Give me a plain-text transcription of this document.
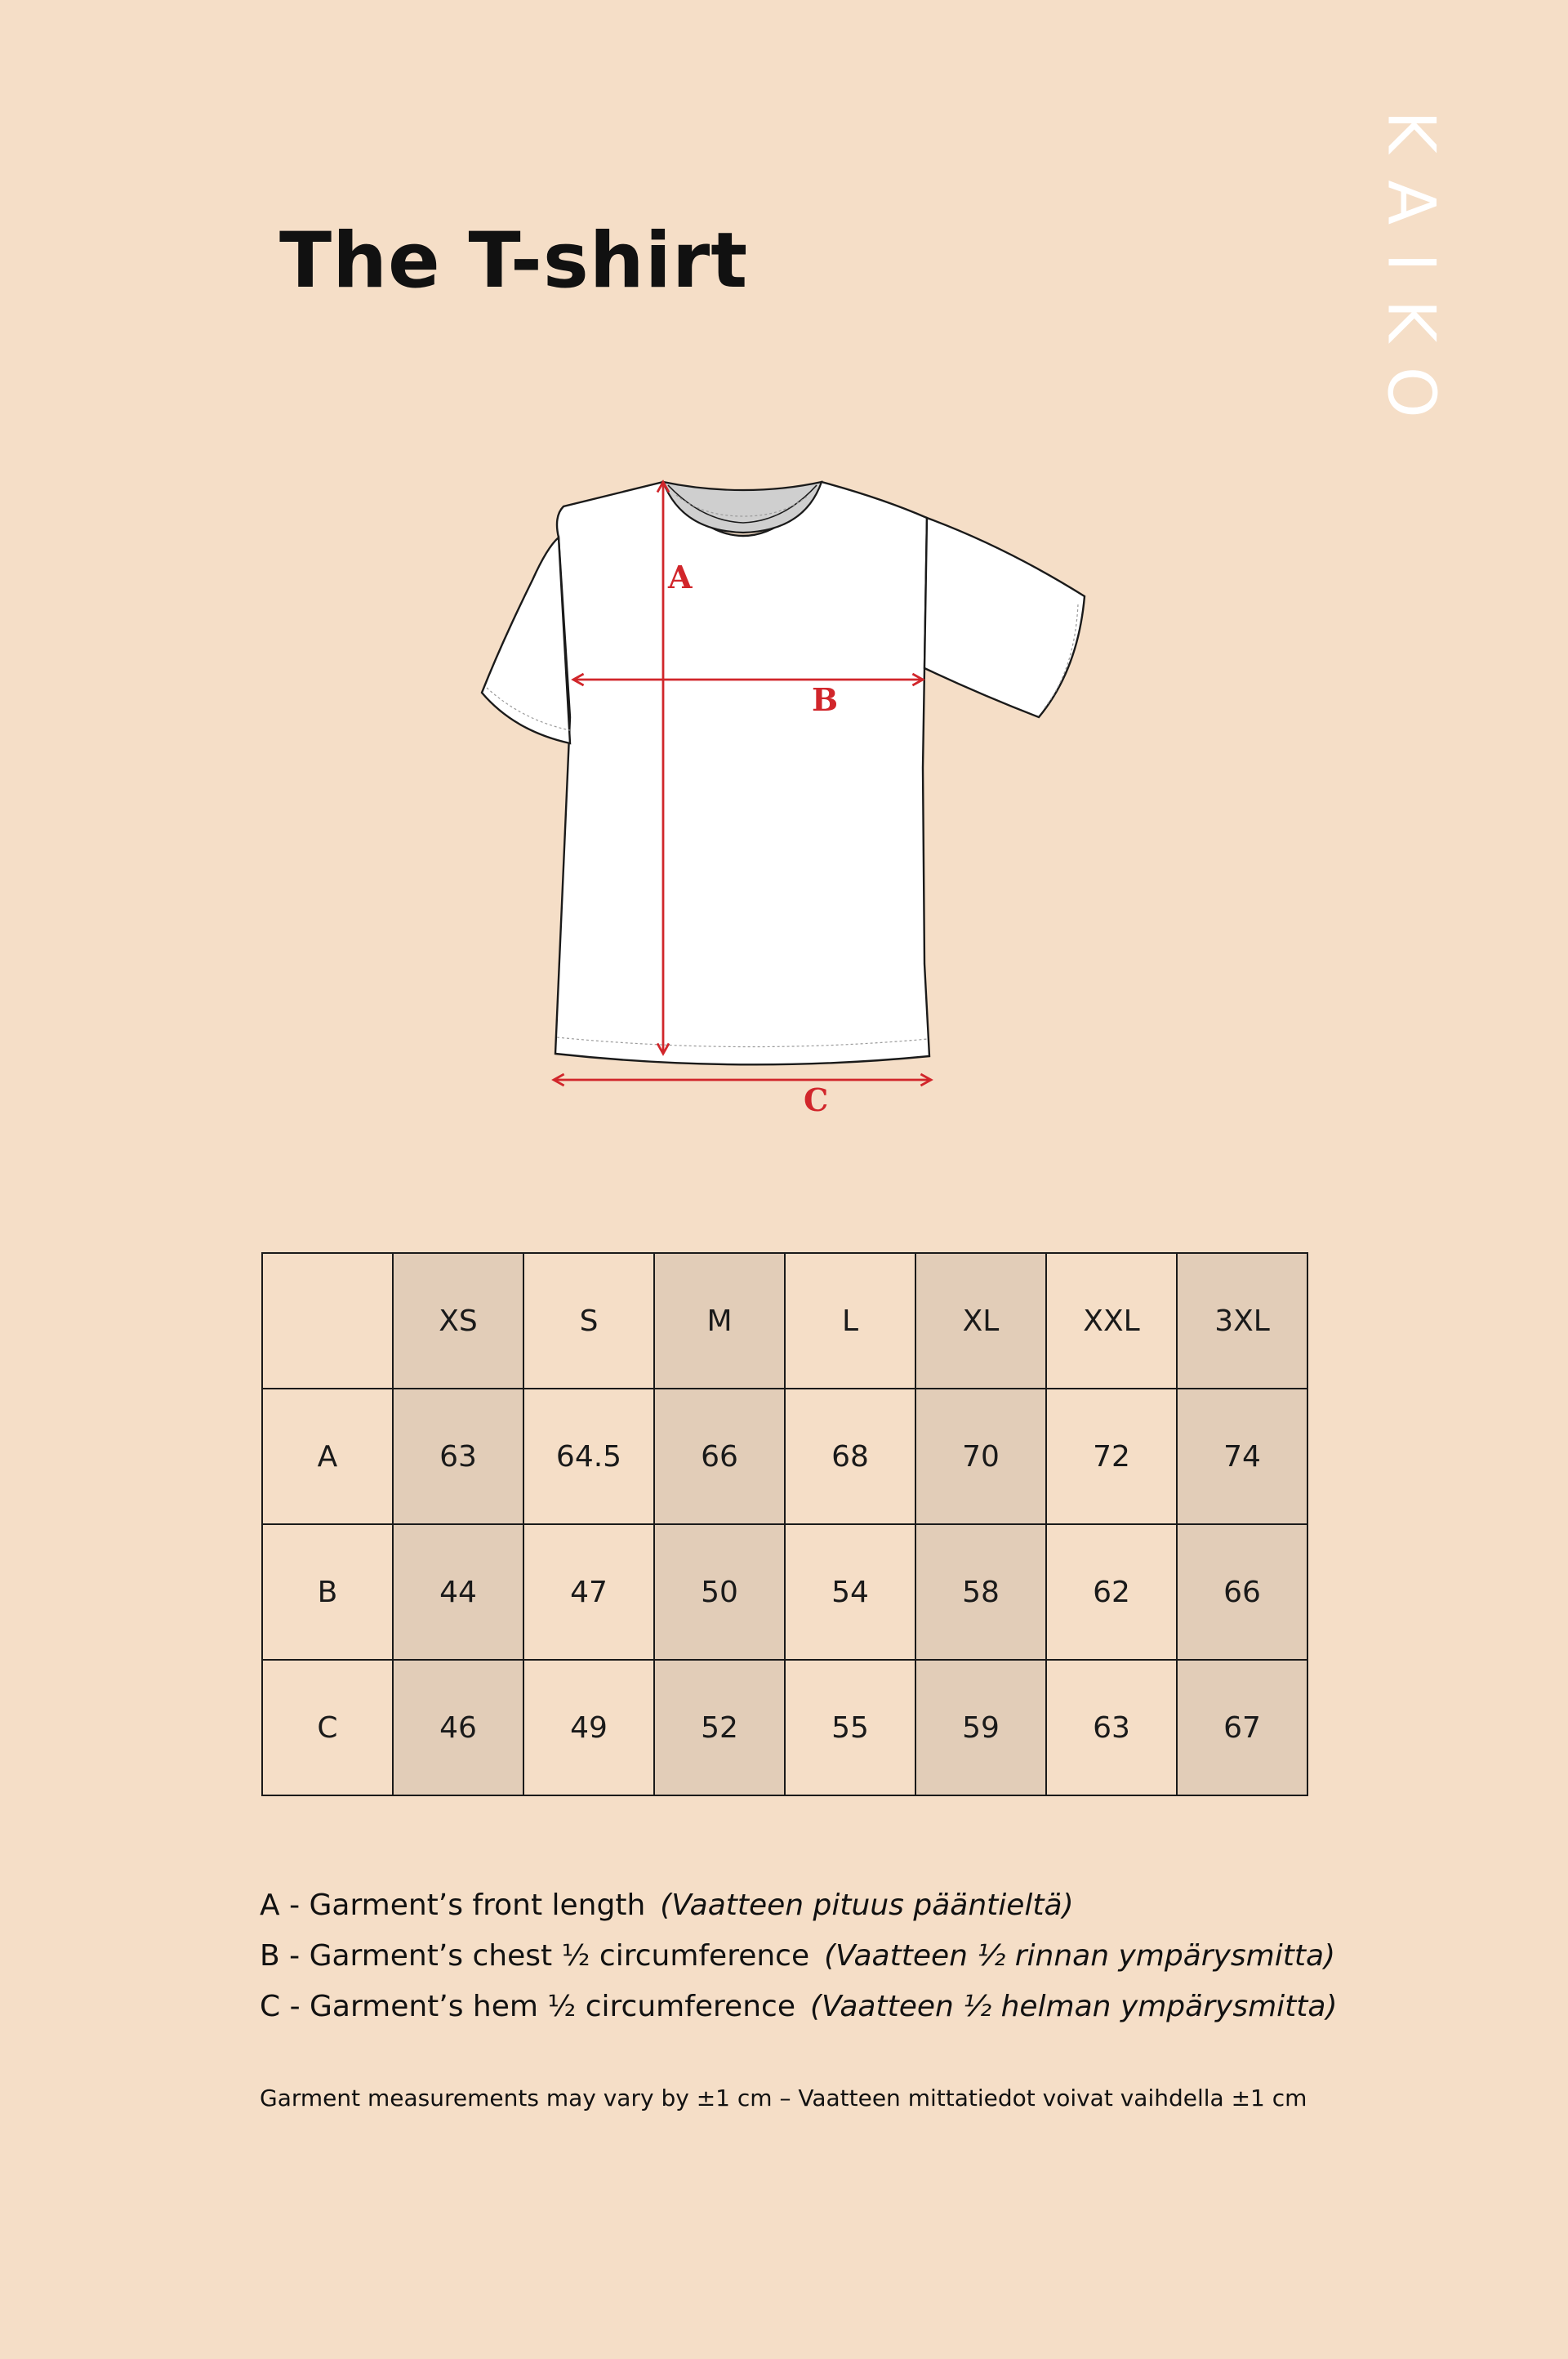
The T-shirt	KAIKO
A
B
C
	XS	S	M	L	XL	XXL	3XL
A	63	64.5	66	68	70	72	74
B	44	47	50	54	58	62	66
C	46	49	52	55	59	63	67
A - Garment’s front length (Vaatteen pituus pääntieltä)
B - Garment’s chest ½ circumference (Vaatteen ½ rinnan ympärysmitta)
C - Garment’s hem ½ circumference (Vaatteen ½ helman ympärysmitta)
Garment measurements may vary by ±1 cm – Vaatteen mittatiedot voivat vaihdella ±1 cm
